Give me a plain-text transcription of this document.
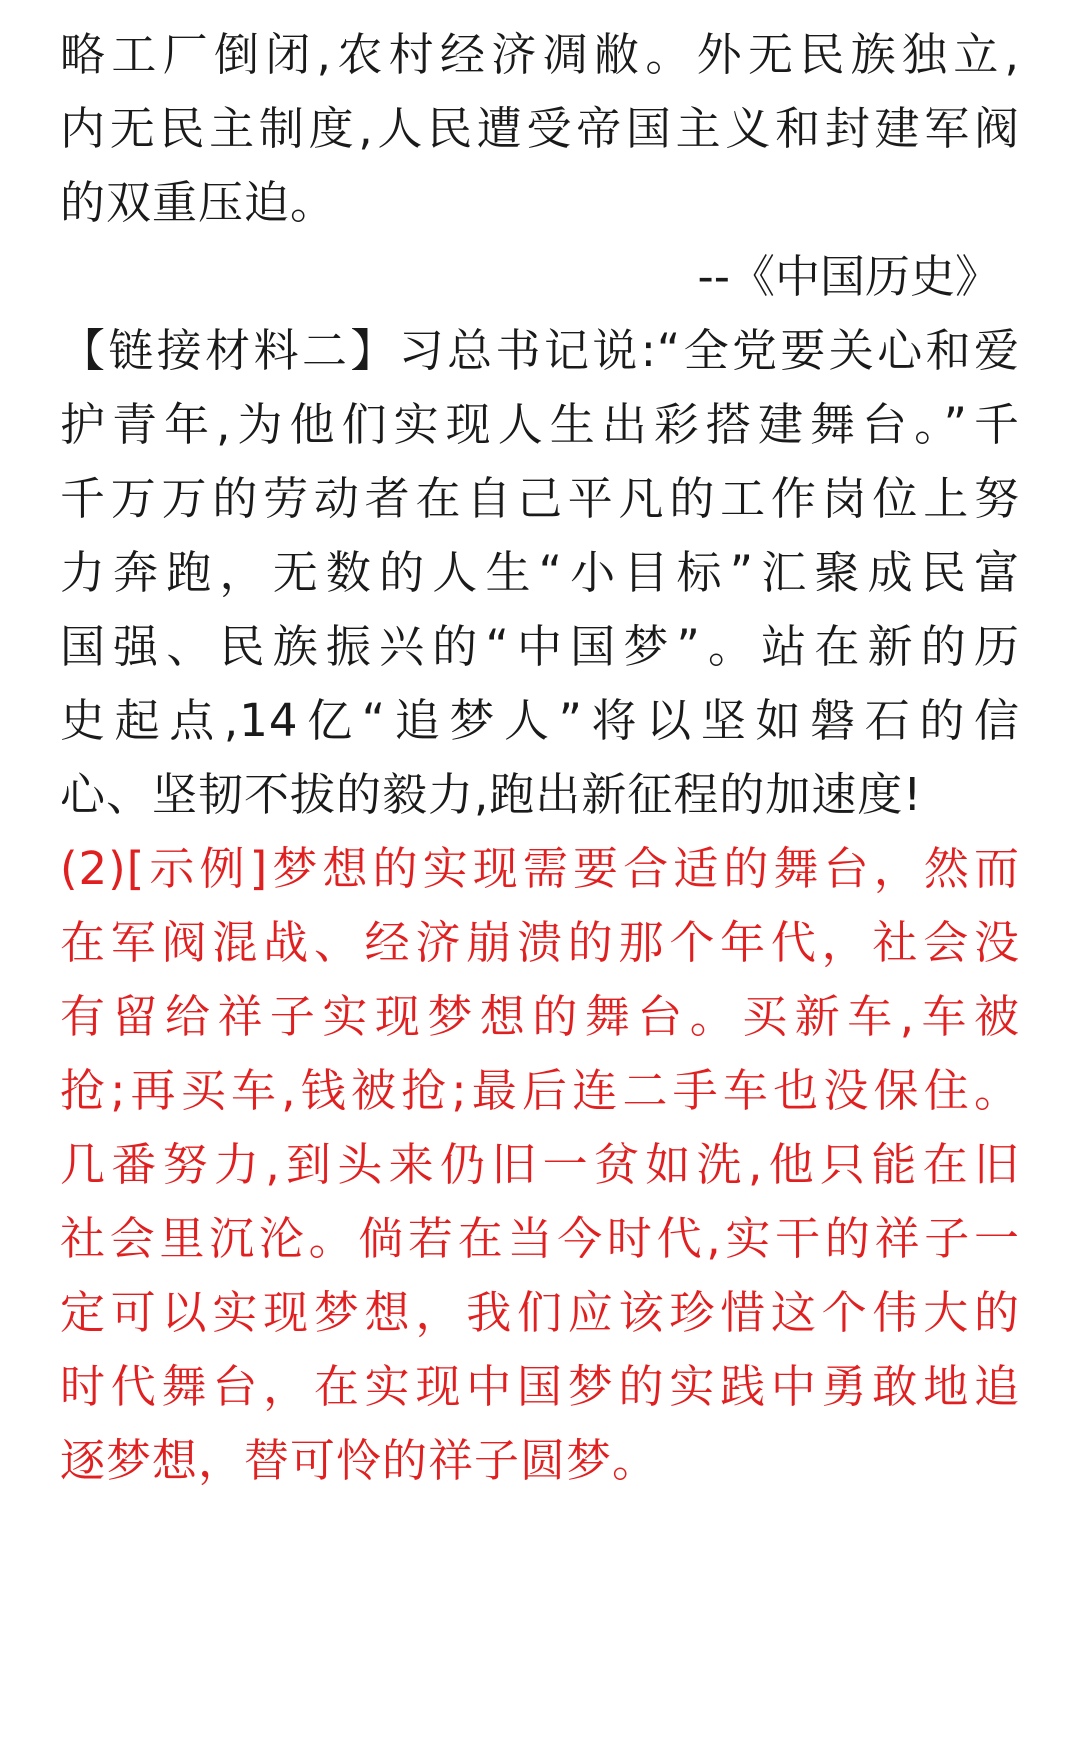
略工厂倒闭,农村经济凋敝。外无民族独立,
内无民主制度,人民遭受帝国主义和封建军阀
的双重压迫。
--《中国历史》
【链接材料二】习总书记说:“全党要关心和爱
护青年,为他们实现人生出彩搭建舞台。”千
千万万的劳动者在自己平凡的工作岗位上努
力奔跑，无数的人生“小目标”汇聚成民富
国强、民族振兴的“中国梦”。站在新的历
史起点,14亿“追梦人”将以坚如磐石的信
心、坚韧不拔的毅力,跑出新征程的加速度!
(2)[示例]梦想的实现需要合适的舞台，然而
在军阀混战、经济崩溃的那个年代，社会没
有留给祥子实现梦想的舞台。买新车,车被
抢;再买车,钱被抢;最后连二手车也没保住。
几番努力,到头来仍旧一贫如洗,他只能在旧
社会里沉沦。倘若在当今时代,实干的祥子一
定可以实现梦想，我们应该珍惜这个伟大的
时代舞台，在实现中国梦的实践中勇敢地追
逐梦想，替可怜的祥子圆梦。
